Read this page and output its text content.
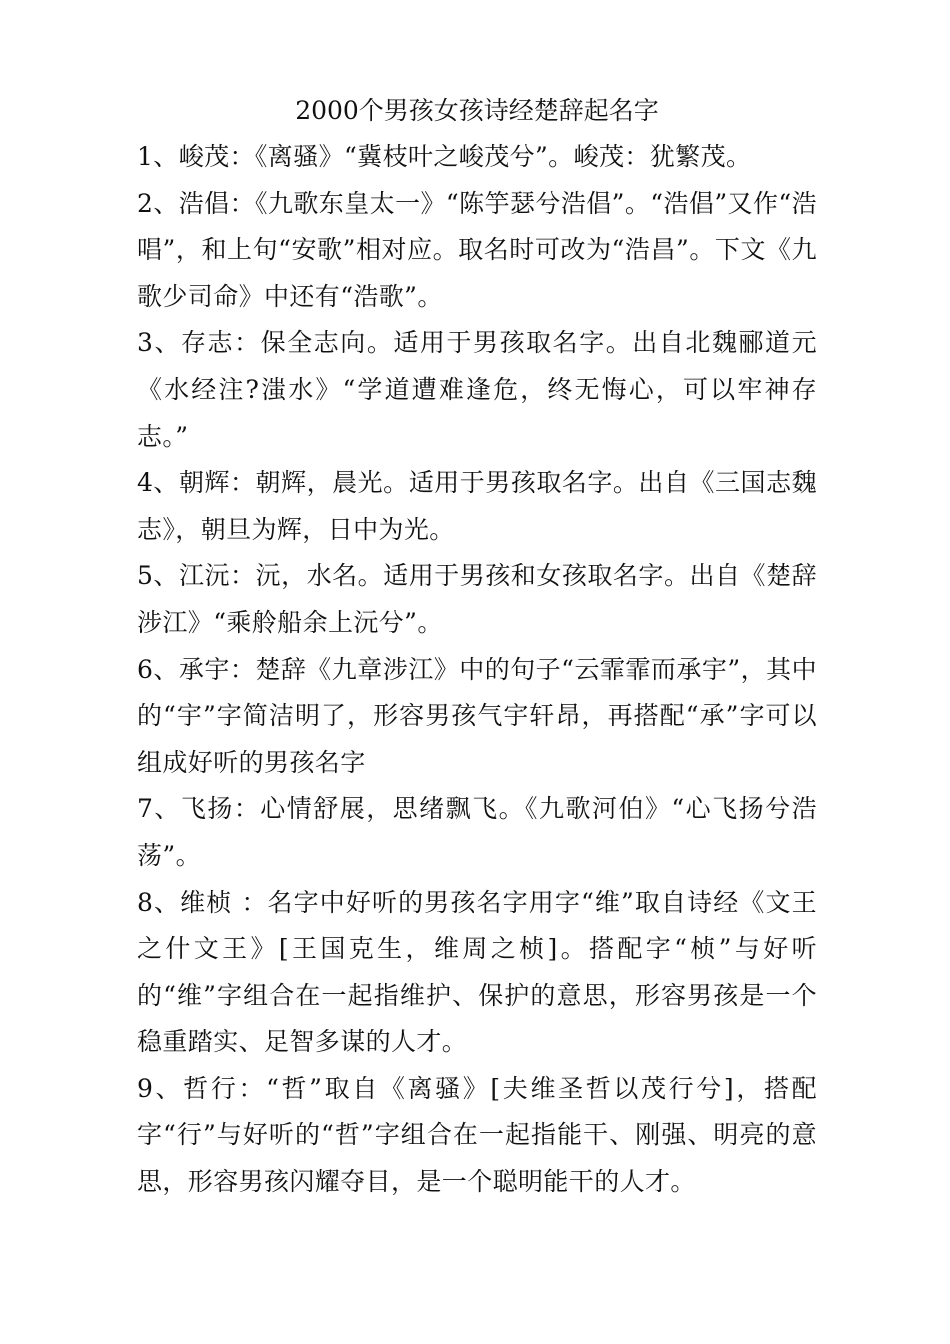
2000个男孩女孩诗经楚辞起名字

1、峻茂：《离骚》“冀枝叶之峻茂兮”。峻茂：犹繁茂。

2、浩倡：《九歌东皇太一》“陈竽瑟兮浩倡”。“浩倡”又作“浩唱”，和上句“安歌”相对应。取名时可改为“浩昌”。下文《九歌少司命》中还有“浩歌”。

3、存志：保全志向。适用于男孩取名字。出自北魏郦道元《水经注?滍水》“学道遭难逢危，终无悔心，可以牢神存志。”

4、朝辉：朝辉，晨光。适用于男孩取名字。出自《三国志魏志》，朝旦为辉，日中为光。

5、江沅：沅，水名。适用于男孩和女孩取名字。出自《楚辞涉江》“乘舲船余上沅兮”。

6、承宇：楚辞《九章涉江》中的句子“云霏霏而承宇”，其中的“宇”字简洁明了，形容男孩气宇轩昂，再搭配“承”字可以组成好听的男孩名字

7、飞扬：心情舒展，思绪飘飞。《九歌河伯》“心飞扬兮浩荡”。

8、维桢 ：名字中好听的男孩名字用字“维”取自诗经《文王之什文王》[王国克生，维周之桢]。搭配字“桢”与好听的“维”字组合在一起指维护、保护的意思，形容男孩是一个稳重踏实、足智多谋的人才。

9、哲行：“哲”取自《离骚》[夫维圣哲以茂行兮]，搭配字“行”与好听的“哲”字组合在一起指能干、刚强、明亮的意思，形容男孩闪耀夺目，是一个聪明能干的人才。
